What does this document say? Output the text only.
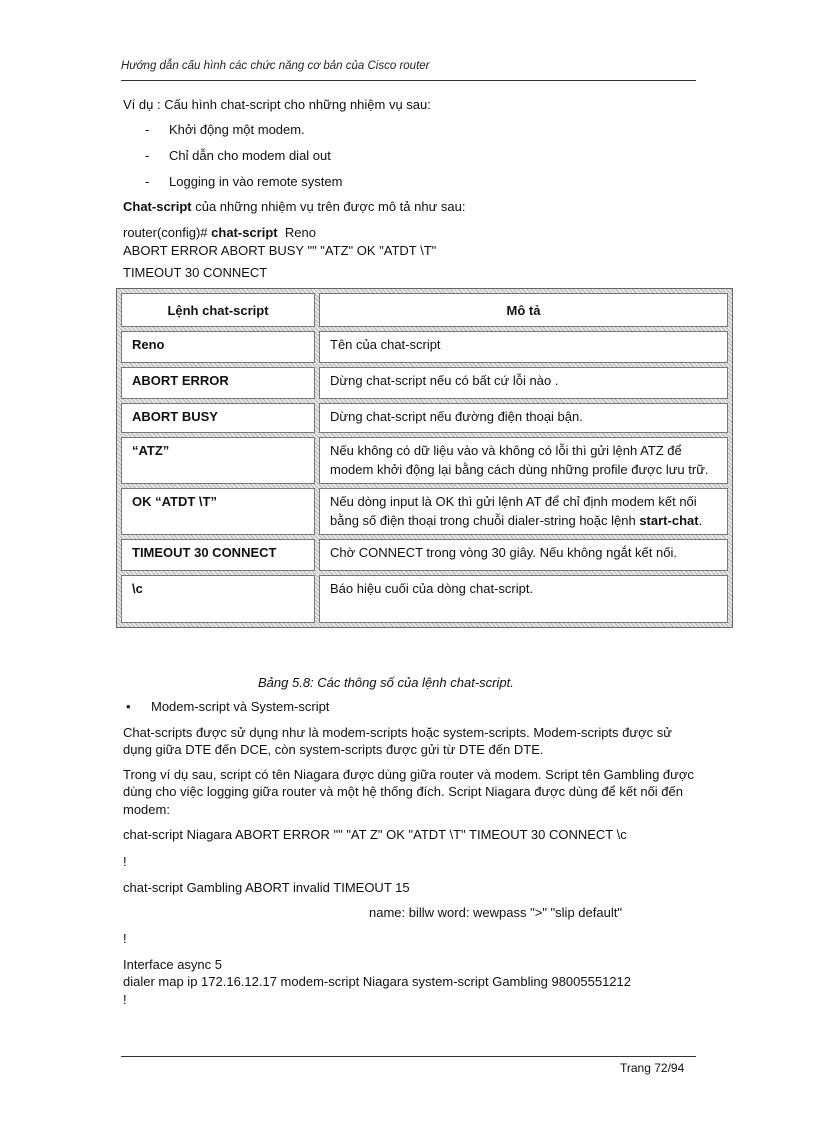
Hướng dẫn cấu hình các chức năng cơ bản của Cisco router

Ví dụ : Cấu hình chat-script cho những nhiệm vụ sau:

-	Khởi động một modem.
-	Chỉ dẫn cho modem dial out
-	Logging in vào remote system

Chat-script của những nhiệm vụ trên được mô tả như sau:

router(config)# chat-script  Reno

ABORT ERROR ABORT BUSY "" "ATZ" OK "ATDT \T"

TIMEOUT 30 CONNECT

Lệnh chat-script	Mô tả
Reno	Tên của chat-script
ABORT ERROR	Dừng chat-script nếu có bất cứ lỗi nào .
ABORT BUSY	Dừng chat-script nếu đường điện thoại bận.
“ATZ”	Nếu không có dữ liệu vào và không có lỗi thì gửi lệnh ATZ để modem khởi động lại bằng cách dùng những profile được lưu trữ.
OK “ATDT \T”	Nếu dòng input là OK thì gửi lệnh AT để chỉ định modem kết nối bằng số điện thoại trong chuỗi dialer-string hoặc lệnh start-chat.
TIMEOUT 30 CONNECT	Chờ CONNECT trong vòng 30 giây. Nếu không ngắt kết nối.
\c	Báo hiệu cuối của dòng chat-script.
Bảng 5.8: Các thông số của lệnh chat-script.
•	Modem-script và System-script

Chat-scripts được sử dụng như là modem-scripts hoặc system-scripts. Modem-scripts được sử dụng giữa DTE đến DCE, còn system-scripts được gửi từ DTE đến DTE.

Trong ví dụ sau, script có tên Niagara được dùng giữa router và modem. Script tên Gambling được dùng cho việc logging giữa router và một hệ thống đích. Script Niagara được dùng để kết nối đến modem:

chat-script Niagara ABORT ERROR "" "AT Z" OK "ATDT \T" TIMEOUT 30 CONNECT \c

!

chat-script Gambling ABORT invalid TIMEOUT 15

name: billw word: wewpass ">" "slip default"

!

Interface async 5

dialer map ip 172.16.12.17 modem-script Niagara system-script Gambling 98005551212

!

Trang 72/94
